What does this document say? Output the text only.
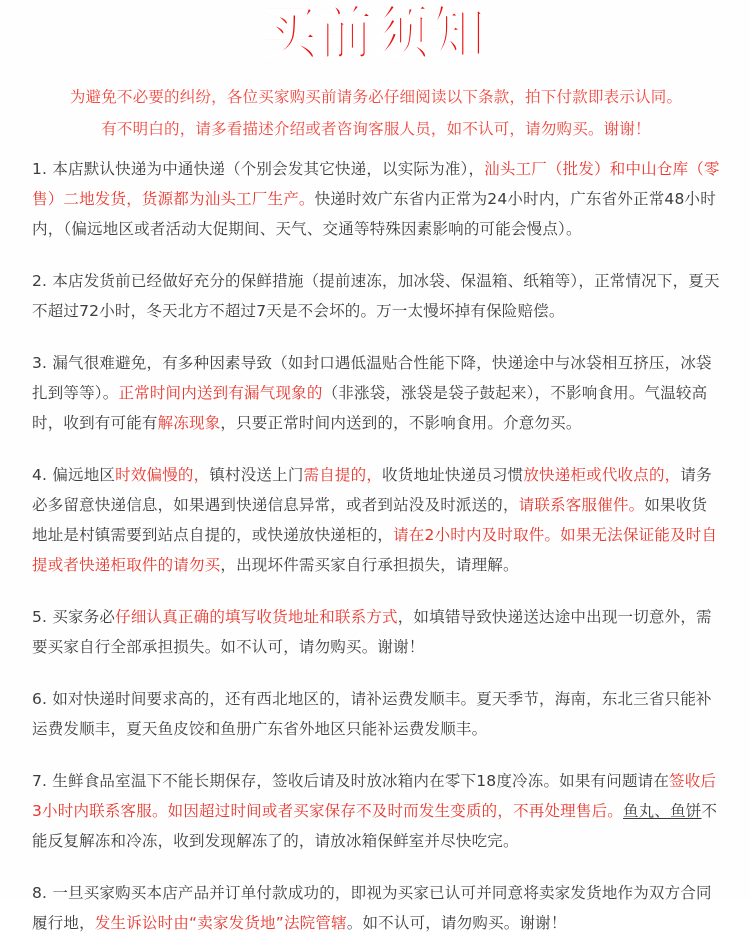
买前须知

为避免不必要的纠纷，各位买家购买前请务必仔细阅读以下条款，拍下付款即表示认同。

有不明白的，请多看描述介绍或者咨询客服人员，如不认可，请勿购买。谢谢！

1. 本店默认快递为中通快递（个别会发其它快递，以实际为准），汕头工厂（批发）和中山仓库（零售）二地发货，货源都为汕头工厂生产。快递时效广东省内正常为24小时内，广东省外正常48小时内，（偏远地区或者活动大促期间、天气、交通等特殊因素影响的可能会慢点）。

2. 本店发货前已经做好充分的保鲜措施（提前速冻，加冰袋、保温箱、纸箱等），正常情况下，夏天不超过72小时，冬天北方不超过7天是不会坏的。万一太慢坏掉有保险赔偿。

3. 漏气很难避免，有多种因素导致（如封口遇低温贴合性能下降，快递途中与冰袋相互挤压，冰袋扎到等等）。正常时间内送到有漏气现象的（非涨袋，涨袋是袋子鼓起来），不影响食用。气温较高时，收到有可能有解冻现象，只要正常时间内送到的，不影响食用。介意勿买。

4. 偏远地区时效偏慢的，镇村没送上门需自提的，收货地址快递员习惯放快递柜或代收点的，请务必多留意快递信息，如果遇到快递信息异常，或者到站没及时派送的，请联系客服催件。如果收货地址是村镇需要到站点自提的，或快递放快递柜的，请在2小时内及时取件。如果无法保证能及时自提或者快递柜取件的请勿买，出现坏件需买家自行承担损失，请理解。

5. 买家务必仔细认真正确的填写收货地址和联系方式，如填错导致快递送达途中出现一切意外，需要买家自行全部承担损失。如不认可，请勿购买。谢谢！

6. 如对快递时间要求高的，还有西北地区的，请补运费发顺丰。夏天季节，海南，东北三省只能补运费发顺丰，夏天鱼皮饺和鱼册广东省外地区只能补运费发顺丰。

7. 生鲜食品室温下不能长期保存，签收后请及时放冰箱内在零下18度冷冻。如果有问题请在签收后3小时内联系客服。如因超过时间或者买家保存不及时而发生变质的，不再处理售后。鱼丸、鱼饼不能反复解冻和冷冻，收到发现解冻了的，请放冰箱保鲜室并尽快吃完。

8. 一旦买家购买本店产品并订单付款成功的，即视为买家已认可并同意将卖家发货地作为双方合同履行地，发生诉讼时由“卖家发货地”法院管辖。如不认可，请勿购买。谢谢！
